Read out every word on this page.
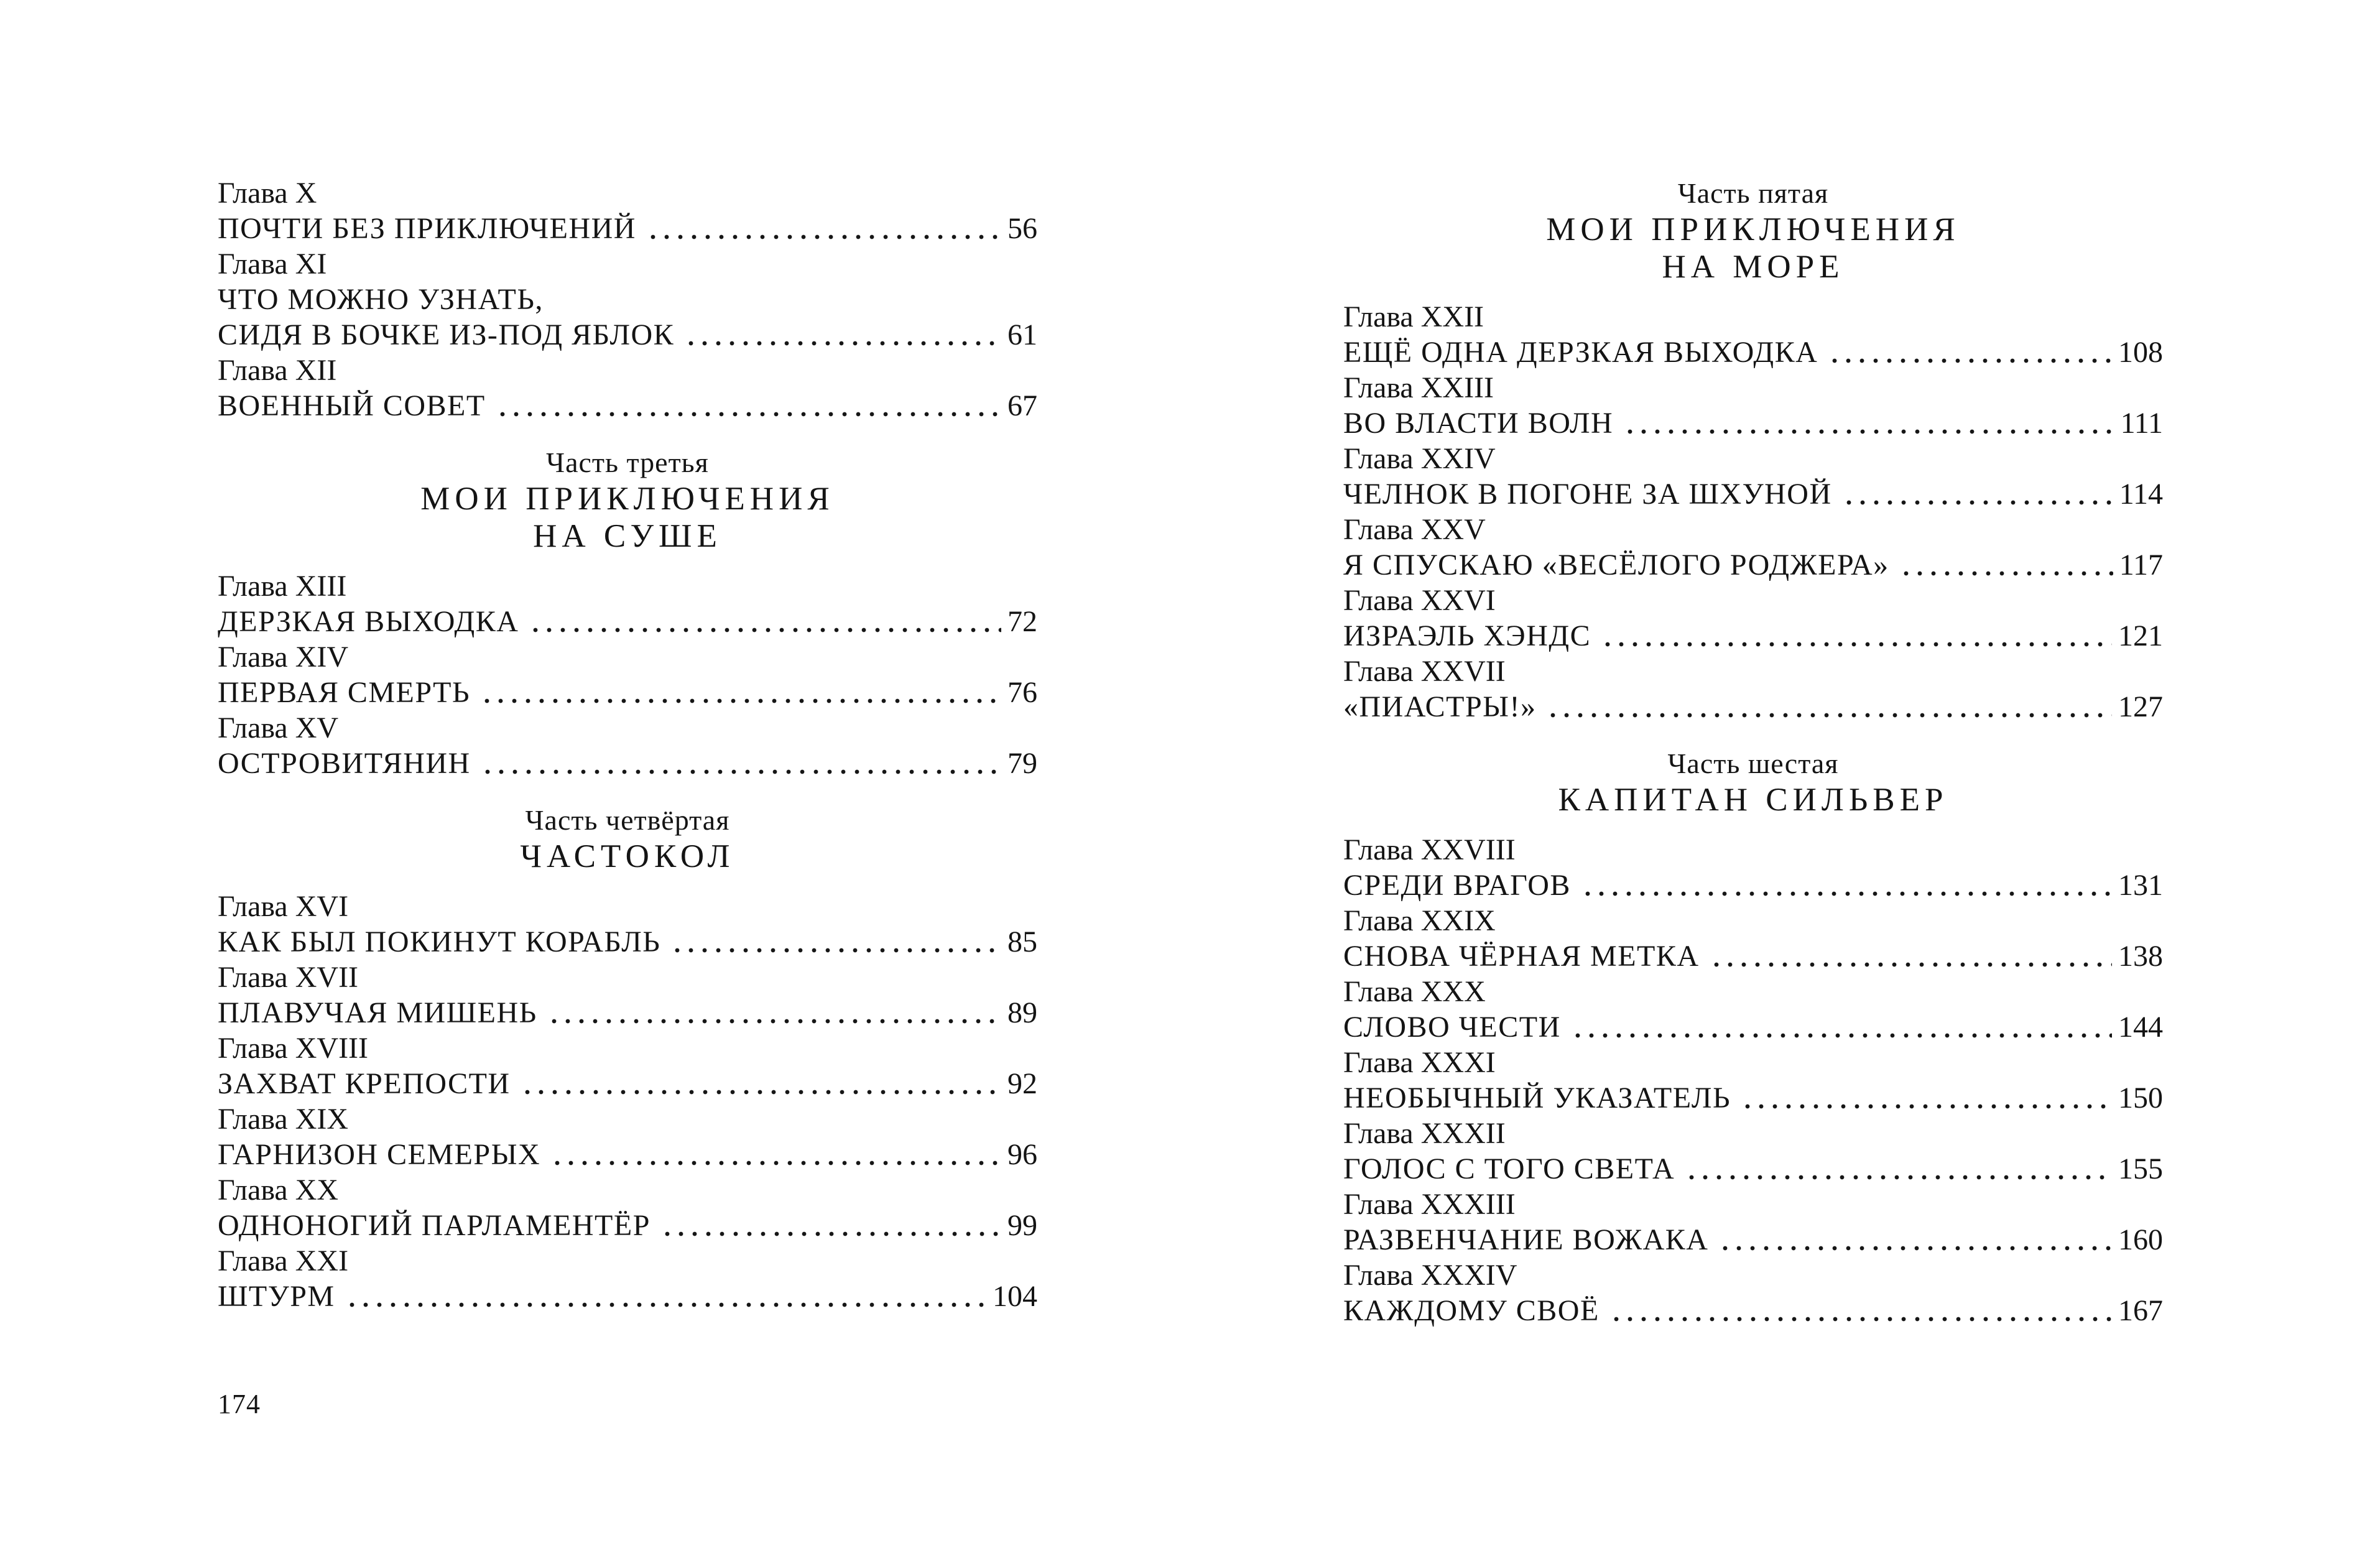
Глава X
ПОЧТИ БЕЗ ПРИКЛЮЧЕНИЙ	56
Глава XI
ЧТО МОЖНО УЗНАТЬ,
СИДЯ В БОЧКЕ ИЗ-ПОД ЯБЛОК	61
Глава XII
ВОЕННЫЙ СОВЕТ	67
Часть третья
МОИ ПРИКЛЮЧЕНИЯ
НА СУШЕ
Глава XIII
ДЕРЗКАЯ ВЫХОДКА	72
Глава XIV
ПЕРВАЯ СМЕРТЬ	76
Глава XV
ОСТРОВИТЯНИН	79
Часть четвёртая
ЧАСТОКОЛ
Глава XVI
КАК БЫЛ ПОКИНУТ КОРАБЛЬ	85
Глава XVII
ПЛАВУЧАЯ МИШЕНЬ	89
Глава XVIII
ЗАХВАТ КРЕПОСТИ	92
Глава XIX
ГАРНИЗОН СЕМЕРЫХ	96
Глава XX
ОДНОНОГИЙ ПАРЛАМЕНТЁР	99
Глава XXI
ШТУРМ	104
Часть пятая
МОИ ПРИКЛЮЧЕНИЯ
НА МОРЕ
Глава XXII
ЕЩЁ ОДНА ДЕРЗКАЯ ВЫХОДКА	108
Глава XXIII
ВО ВЛАСТИ ВОЛН	111
Глава XXIV
ЧЕЛНОК В ПОГОНЕ ЗА ШХУНОЙ	114
Глава XXV
Я СПУСКАЮ «ВЕСЁЛОГО РОДЖЕРА»	117
Глава XXVI
ИЗРАЭЛЬ ХЭНДС	121
Глава XXVII
«ПИАСТРЫ!»	127
Часть шестая
КАПИТАН СИЛЬВЕР
Глава XXVIII
СРЕДИ ВРАГОВ	131
Глава XXIX
СНОВА ЧЁРНАЯ МЕТКА	138
Глава XXX
СЛОВО ЧЕСТИ	144
Глава XXXI
НЕОБЫЧНЫЙ УКАЗАТЕЛЬ	150
Глава XXXII
ГОЛОС С ТОГО СВЕТА	155
Глава XXXIII
РАЗВЕНЧАНИЕ ВОЖАКА	160
Глава XXXIV
КАЖДОМУ СВОЁ	167
174
